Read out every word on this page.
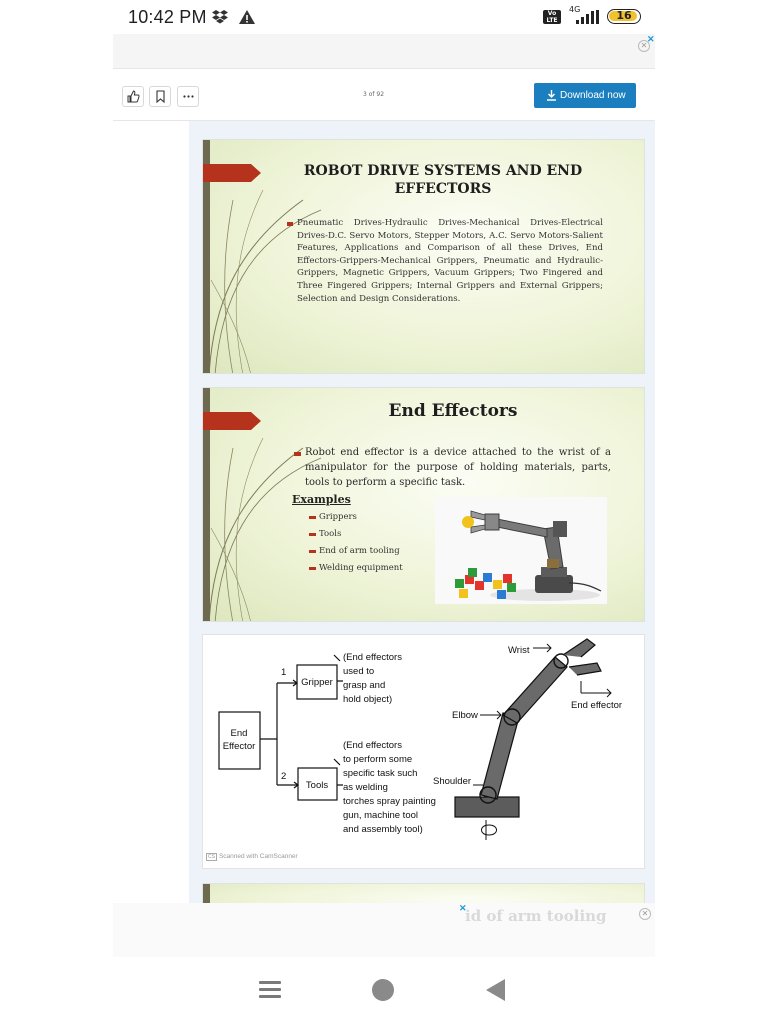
10:42 PM	Vo LTE
4G	16
✕
✕
3 of 92	Download now
ROBOT DRIVE SYSTEMS AND END
EFFECTORS
Pneumatic Drives-Hydraulic Drives-Mechanical Drives-Electrical Drives-D.C. Servo Motors, Stepper Motors, A.C. Servo Motors-Salient Features, Applications and Comparison of all these Drives, End Effectors-Grippers-Mechanical Grippers, Pneumatic and Hydraulic- Grippers, Magnetic Grippers, Vacuum Grippers; Two Fingered and Three Fingered Grippers; Internal Grippers and External Grippers; Selection and Design Considerations.
End Effectors
Robot end effector is a device attached to the wrist of a manipulator for the purpose of holding materials, parts, tools to perform a specific task.
Examples
Grippers
Tools
End of arm tooling
Welding equipment
End
Effector
1
Gripper
2
Tools
(End effectors
used to
grasp and
hold object)
(End effectors
to perform some
specific task such
as welding
torches spray painting
gun, machine tool
and assembly tool)
Wrist
End effector
Elbow
Shoulder
CS Scanned with CamScanner
id of arm tooling
✕
✕
